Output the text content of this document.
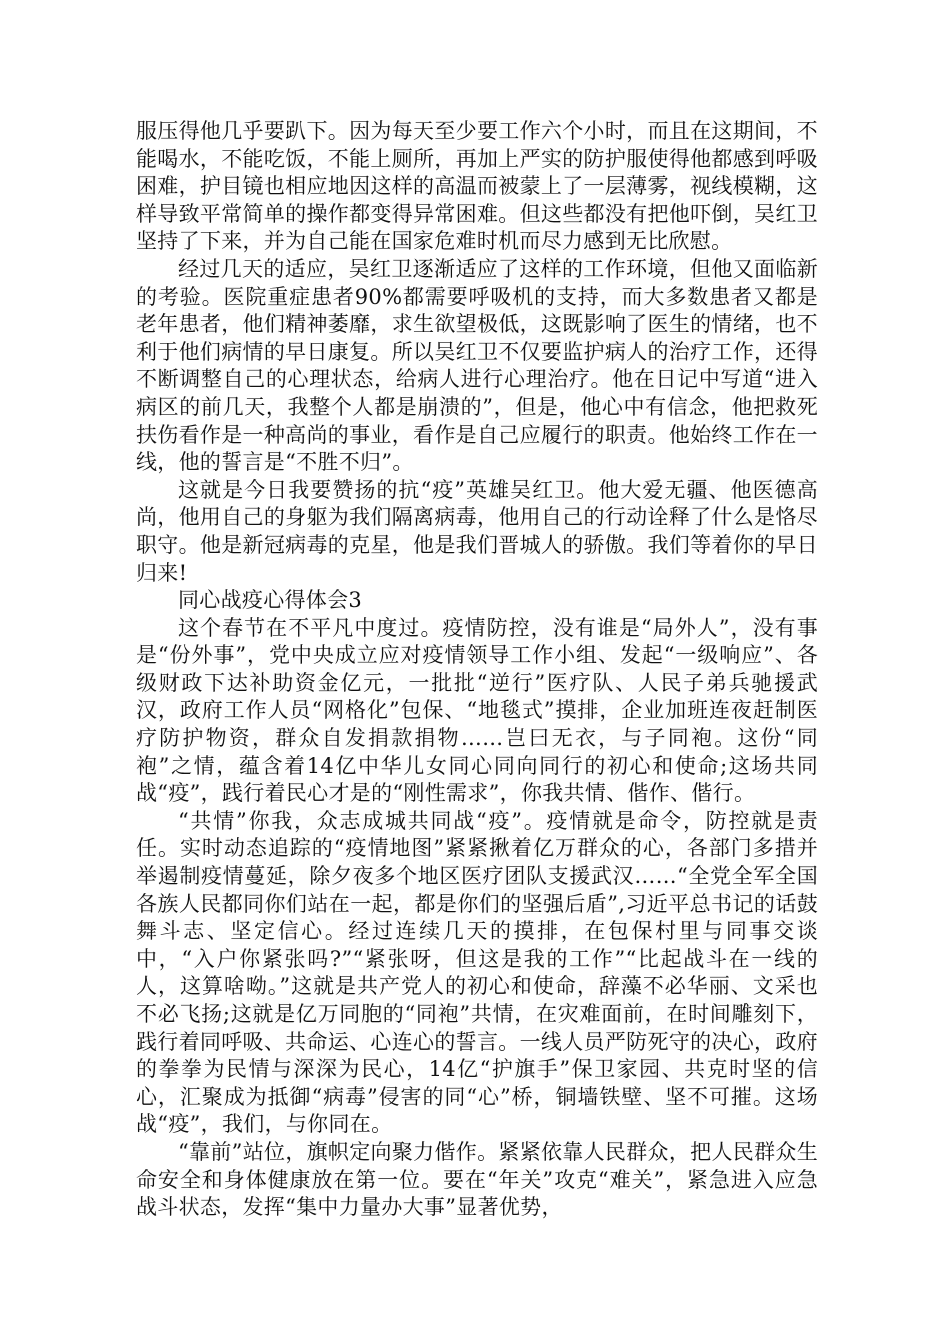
服压得他几乎要趴下。因为每天至少要工作六个小时，而且在这期间，不能喝水，不能吃饭，不能上厕所，再加上严实的防护服使得他都感到呼吸困难，护目镜也相应地因这样的高温而被蒙上了一层薄雾，视线模糊，这样导致平常简单的操作都变得异常困难。但这些都没有把他吓倒，吴红卫坚持了下来，并为自己能在国家危难时机而尽力感到无比欣慰。

经过几天的适应，吴红卫逐渐适应了这样的工作环境，但他又面临新的考验。医院重症患者90%都需要呼吸机的支持，而大多数患者又都是老年患者，他们精神萎靡，求生欲望极低，这既影响了医生的情绪，也不利于他们病情的早日康复。所以吴红卫不仅要监护病人的治疗工作，还得不断调整自己的心理状态，给病人进行心理治疗。他在日记中写道“进入病区的前几天，我整个人都是崩溃的”，但是，他心中有信念，他把救死扶伤看作是一种高尚的事业，看作是自己应履行的职责。他始终工作在一线，他的誓言是“不胜不归”。

这就是今日我要赞扬的抗“疫”英雄吴红卫。他大爱无疆、他医德高尚，他用自己的身躯为我们隔离病毒，他用自己的行动诠释了什么是恪尽职守。他是新冠病毒的克星，他是我们晋城人的骄傲。我们等着你的早日归来!

同心战疫心得体会3

这个春节在不平凡中度过。疫情防控，没有谁是“局外人”，没有事是“份外事”，党中央成立应对疫情领导工作小组、发起“一级响应”、各级财政下达补助资金亿元，一批批“逆行”医疗队、人民子弟兵驰援武汉，政府工作人员“网格化”包保、“地毯式”摸排，企业加班连夜赶制医疗防护物资，群众自发捐款捐物……岂曰无衣，与子同袍。这份“同袍”之情，蕴含着14亿中华儿女同心同向同行的初心和使命;这场共同战“疫”，践行着民心才是的“刚性需求”，你我共情、偕作、偕行。

“共情”你我，众志成城共同战“疫”。疫情就是命令，防控就是责任。实时动态追踪的“疫情地图”紧紧揪着亿万群众的心，各部门多措并举遏制疫情蔓延，除夕夜多个地区医疗团队支援武汉……“全党全军全国各族人民都同你们站在一起，都是你们的坚强后盾”,习近平总书记的话鼓舞斗志、坚定信心。经过连续几天的摸排，在包保村里与同事交谈中，“入户你紧张吗?”“紧张呀，但这是我的工作”“比起战斗在一线的人，这算啥呦。”这就是共产党人的初心和使命，辞藻不必华丽、文采也不必飞扬;这就是亿万同胞的“同袍”共情，在灾难面前，在时间雕刻下，践行着同呼吸、共命运、心连心的誓言。一线人员严防死守的决心，政府的拳拳为民情与深深为民心，14亿“护旗手”保卫家园、共克时坚的信心，汇聚成为抵御“病毒”侵害的同“心”桥，铜墙铁壁、坚不可摧。这场战“疫”，我们，与你同在。

“靠前”站位，旗帜定向聚力偕作。紧紧依靠人民群众，把人民群众生命安全和身体健康放在第一位。要在“年关”攻克“难关”，紧急进入应急战斗状态，发挥“集中力量办大事”显著优势，
